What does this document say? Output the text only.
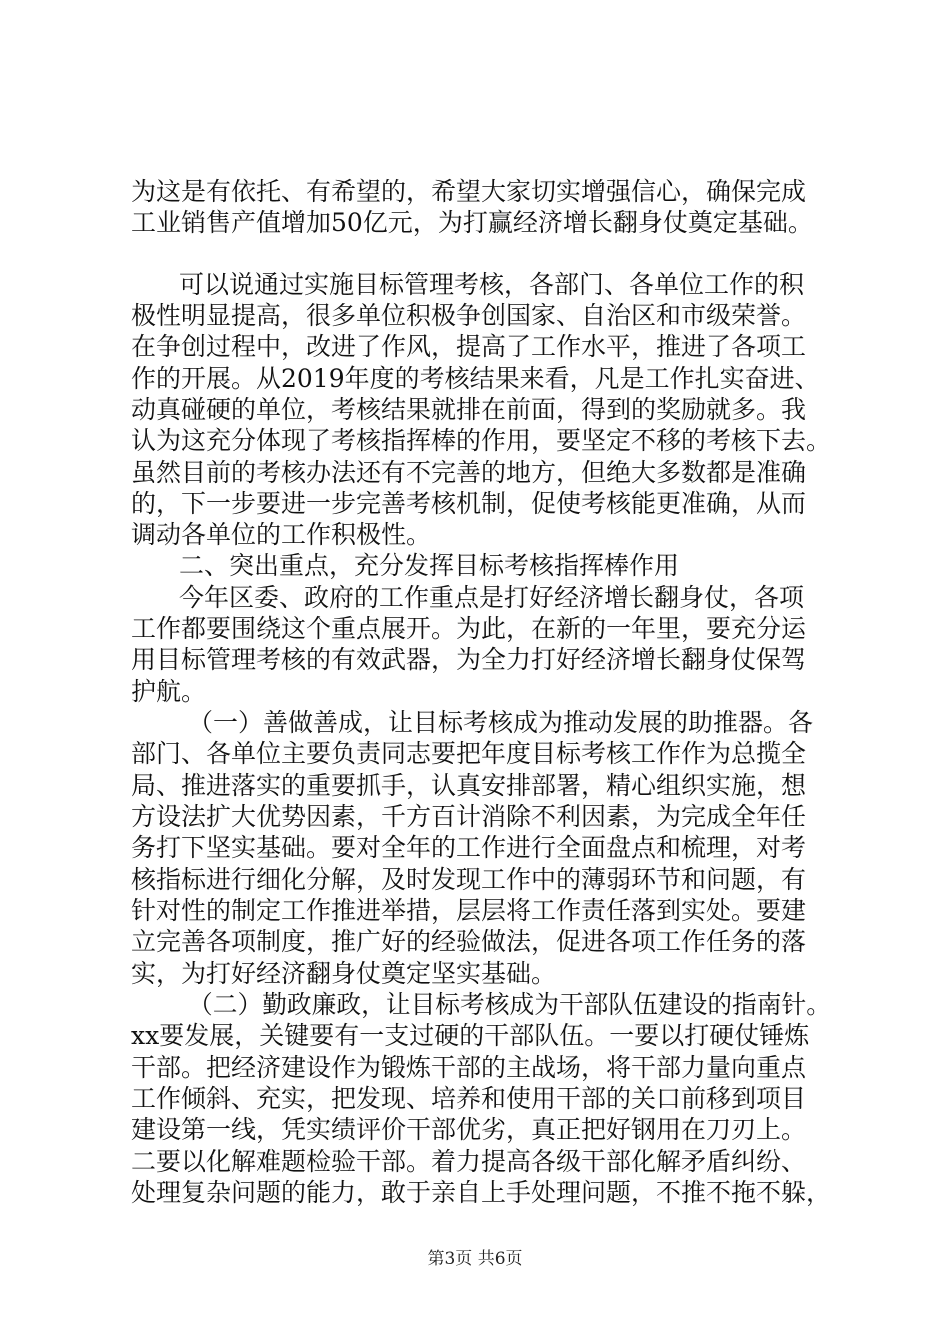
为这是有依托、有希望的，希望大家切实增强信心，确保完成
工业销售产值增加50亿元，为打赢经济增长翻身仗奠定基础。
可以说通过实施目标管理考核，各部门、各单位工作的积
极性明显提高，很多单位积极争创国家、自治区和市级荣誉。
在争创过程中，改进了作风，提高了工作水平，推进了各项工
作的开展。从2019年度的考核结果来看，凡是工作扎实奋进、
动真碰硬的单位，考核结果就排在前面，得到的奖励就多。我
认为这充分体现了考核指挥棒的作用，要坚定不移的考核下去。
虽然目前的考核办法还有不完善的地方，但绝大多数都是准确
的，下一步要进一步完善考核机制，促使考核能更准确，从而
调动各单位的工作积极性。
二、突出重点，充分发挥目标考核指挥棒作用
今年区委、政府的工作重点是打好经济增长翻身仗，各项
工作都要围绕这个重点展开。为此，在新的一年里，要充分运
用目标管理考核的有效武器，为全力打好经济增长翻身仗保驾
护航。
（一）善做善成，让目标考核成为推动发展的助推器。各
部门、各单位主要负责同志要把年度目标考核工作作为总揽全
局、推进落实的重要抓手，认真安排部署，精心组织实施，想
方设法扩大优势因素，千方百计消除不利因素，为完成全年任
务打下坚实基础。要对全年的工作进行全面盘点和梳理，对考
核指标进行细化分解，及时发现工作中的薄弱环节和问题，有
针对性的制定工作推进举措，层层将工作责任落到实处。要建
立完善各项制度，推广好的经验做法，促进各项工作任务的落
实，为打好经济翻身仗奠定坚实基础。
（二）勤政廉政，让目标考核成为干部队伍建设的指南针。
xx要发展，关键要有一支过硬的干部队伍。一要以打硬仗锤炼
干部。把经济建设作为锻炼干部的主战场，将干部力量向重点
工作倾斜、充实，把发现、培养和使用干部的关口前移到项目
建设第一线，凭实绩评价干部优劣，真正把好钢用在刀刃上。
二要以化解难题检验干部。着力提高各级干部化解矛盾纠纷、
处理复杂问题的能力，敢于亲自上手处理问题，不推不拖不躲，
第3页 共6页
